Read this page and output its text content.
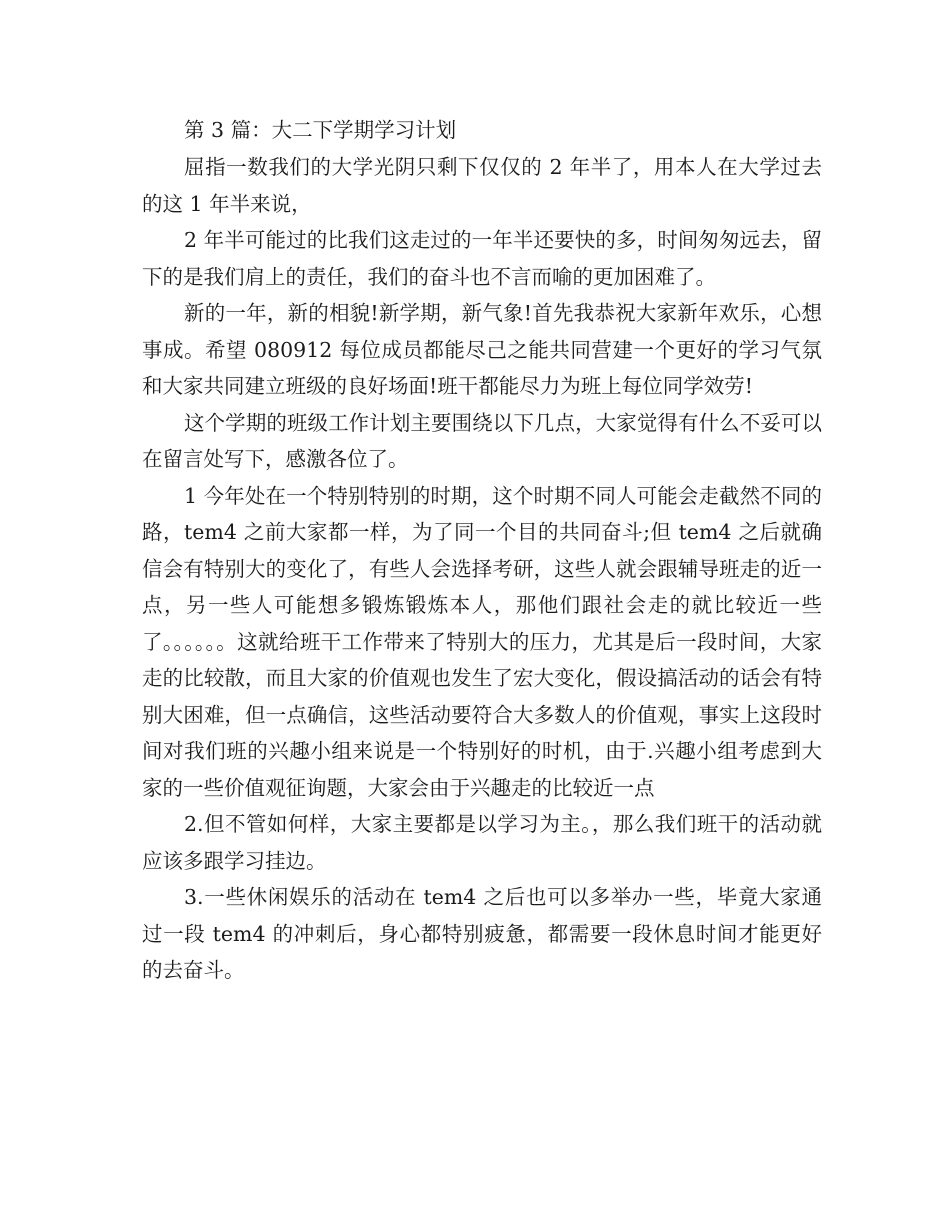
第 3 篇：大二下学期学习计划

屈指一数我们的大学光阴只剩下仅仅的 2 年半了，用本人在大学过去的这 1 年半来说，

2 年半可能过的比我们这走过的一年半还要快的多，时间匆匆远去，留下的是我们肩上的责任，我们的奋斗也不言而喻的更加困难了。

新的一年，新的相貌!新学期，新气象!首先我恭祝大家新年欢乐，心想事成。希望 080912 每位成员都能尽己之能共同营建一个更好的学习气氛和大家共同建立班级的良好场面!班干都能尽力为班上每位同学效劳!

这个学期的班级工作计划主要围绕以下几点，大家觉得有什么不妥可以在留言处写下，感激各位了。

1 今年处在一个特别特别的时期，这个时期不同人可能会走截然不同的路，tem4 之前大家都一样，为了同一个目的共同奋斗;但 tem4 之后就确信会有特别大的变化了，有些人会选择考研，这些人就会跟辅导班走的近一点，另一些人可能想多锻炼锻炼本人，那他们跟社会走的就比较近一些了。。。。。。这就给班干工作带来了特别大的压力，尤其是后一段时间，大家走的比较散，而且大家的价值观也发生了宏大变化，假设搞活动的话会有特别大困难，但一点确信，这些活动要符合大多数人的价值观，事实上这段时间对我们班的兴趣小组来说是一个特别好的时机，由于.兴趣小组考虑到大家的一些价值观征询题，大家会由于兴趣走的比较近一点

2.但不管如何样，大家主要都是以学习为主。，那么我们班干的活动就应该多跟学习挂边。

3.一些休闲娱乐的活动在 tem4 之后也可以多举办一些，毕竟大家通过一段 tem4 的冲刺后，身心都特别疲惫，都需要一段休息时间才能更好的去奋斗。
